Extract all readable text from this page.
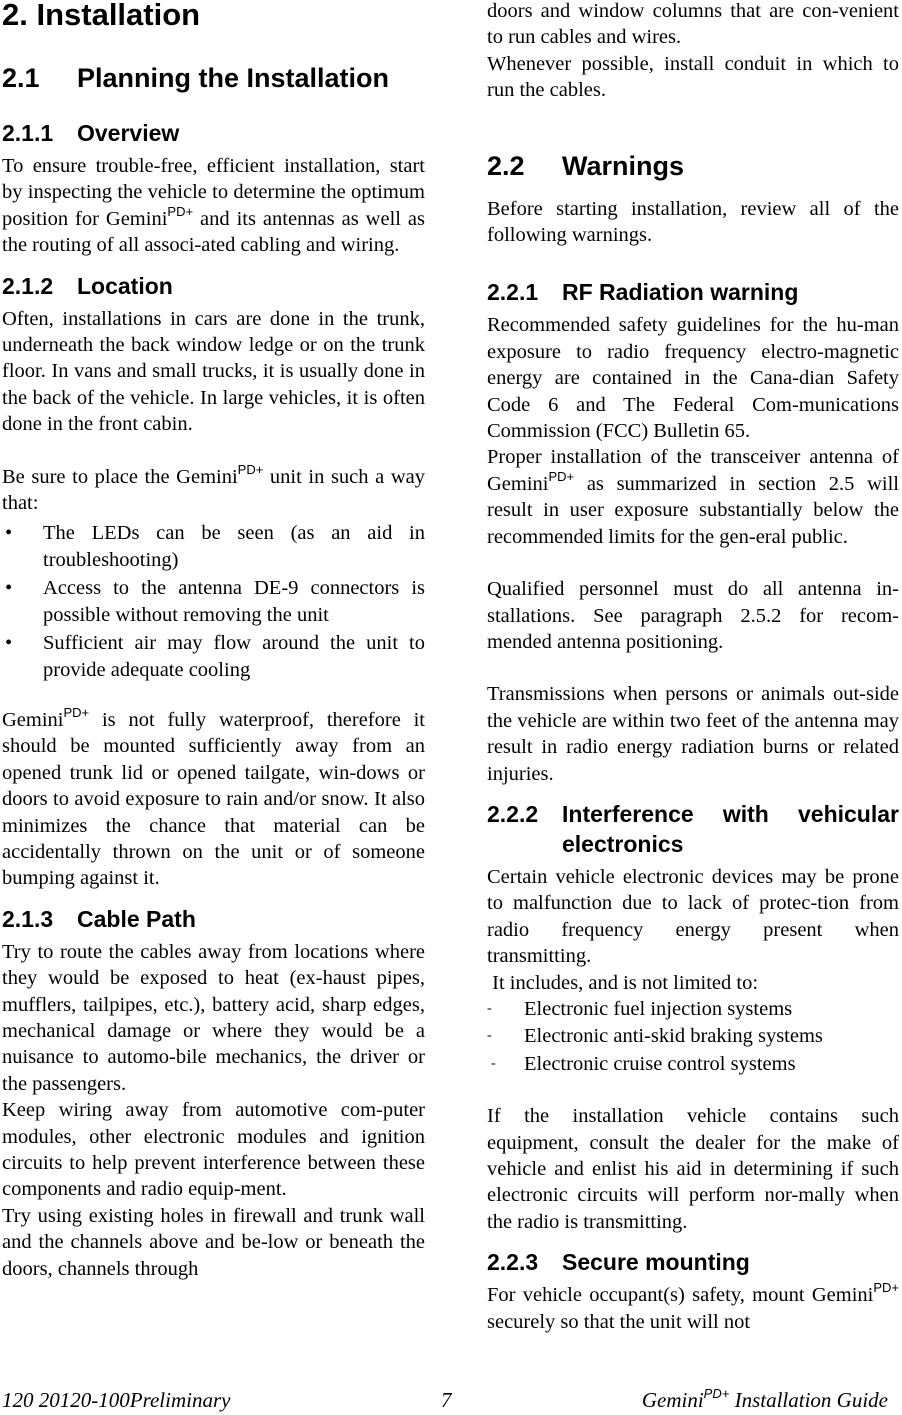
2. Installation
2.1	Planning the Installation
2.1.1	Overview

To ensure trouble-free, efficient installation, start by inspecting the vehicle to determine the optimum position for Gemini$^{PD+}$ and its antennas as well as the routing of all associ-ated cabling and wiring.

2.1.2	Location

Often, installations in cars are done in the trunk, underneath the back window ledge or on the trunk floor. In vans and small trucks, it is usually done in the back of the vehicle. In large vehicles, it is often done in the front cabin.

Be sure to place the Gemini$^{PD+}$ unit in such a way that:

• The LEDs can be seen (as an aid in troubleshooting)
• Access to the antenna DE-9 connectors is possible without removing the unit
• Sufficient air may flow around the unit to provide adequate cooling

Gemini$^{PD+}$ is not fully waterproof, therefore it should be mounted sufficiently away from an opened trunk lid or opened tailgate, win-dows or doors to avoid exposure to rain and/or snow. It also minimizes the chance that material can be accidentally thrown on the unit or of someone bumping against it.

2.1.3	Cable Path

Try to route the cables away from locations where they would be exposed to heat (ex-haust pipes, mufflers, tailpipes, etc.), battery acid, sharp edges, mechanical damage or where they would be a nuisance to automo-bile mechanics, the driver or the passengers.

Keep wiring away from automotive com-puter modules, other electronic modules and ignition circuits to help prevent interference between these components and radio equip-ment.

Try using existing holes in firewall and trunk wall and the channels above and be-low or beneath the doors, channels through

doors and window columns that are con-venient to run cables and wires.

Whenever possible, install conduit in which to run the cables.

2.2	Warnings

Before starting installation, review all of the following warnings.

2.2.1	RF Radiation warning

Recommended safety guidelines for the hu-man exposure to radio frequency electro-magnetic energy are contained in the Cana-dian Safety Code 6 and The Federal Com-munications Commission (FCC) Bulletin 65.

Proper installation of the transceiver antenna of Gemini$^{PD+}$ as summarized in section 2.5 will result in user exposure substantially below the recommended limits for the gen-eral public.

Qualified personnel must do all antenna in-stallations. See paragraph 2.5.2 for recom-mended antenna positioning.

Transmissions when persons or animals out-side the vehicle are within two feet of the antenna may result in radio energy radiation burns or related injuries.

2.2.2	Interference with vehicular electronics

Certain vehicle electronic devices may be prone to malfunction due to lack of protec-tion from radio frequency energy present when transmitting.

It includes, and is not limited to:

- Electronic fuel injection systems
- Electronic anti-skid braking systems
- Electronic cruise control systems

If the installation vehicle contains such equipment, consult the dealer for the make of vehicle and enlist his aid in determining if such electronic circuits will perform nor-mally when the radio is transmitting.

2.2.3	Secure mounting

For vehicle occupant(s) safety, mount Gemini$^{PD+}$ securely so that the unit will not

120 20120-100Preliminary	7	Gemini$^{PD+}$ Installation Guide
